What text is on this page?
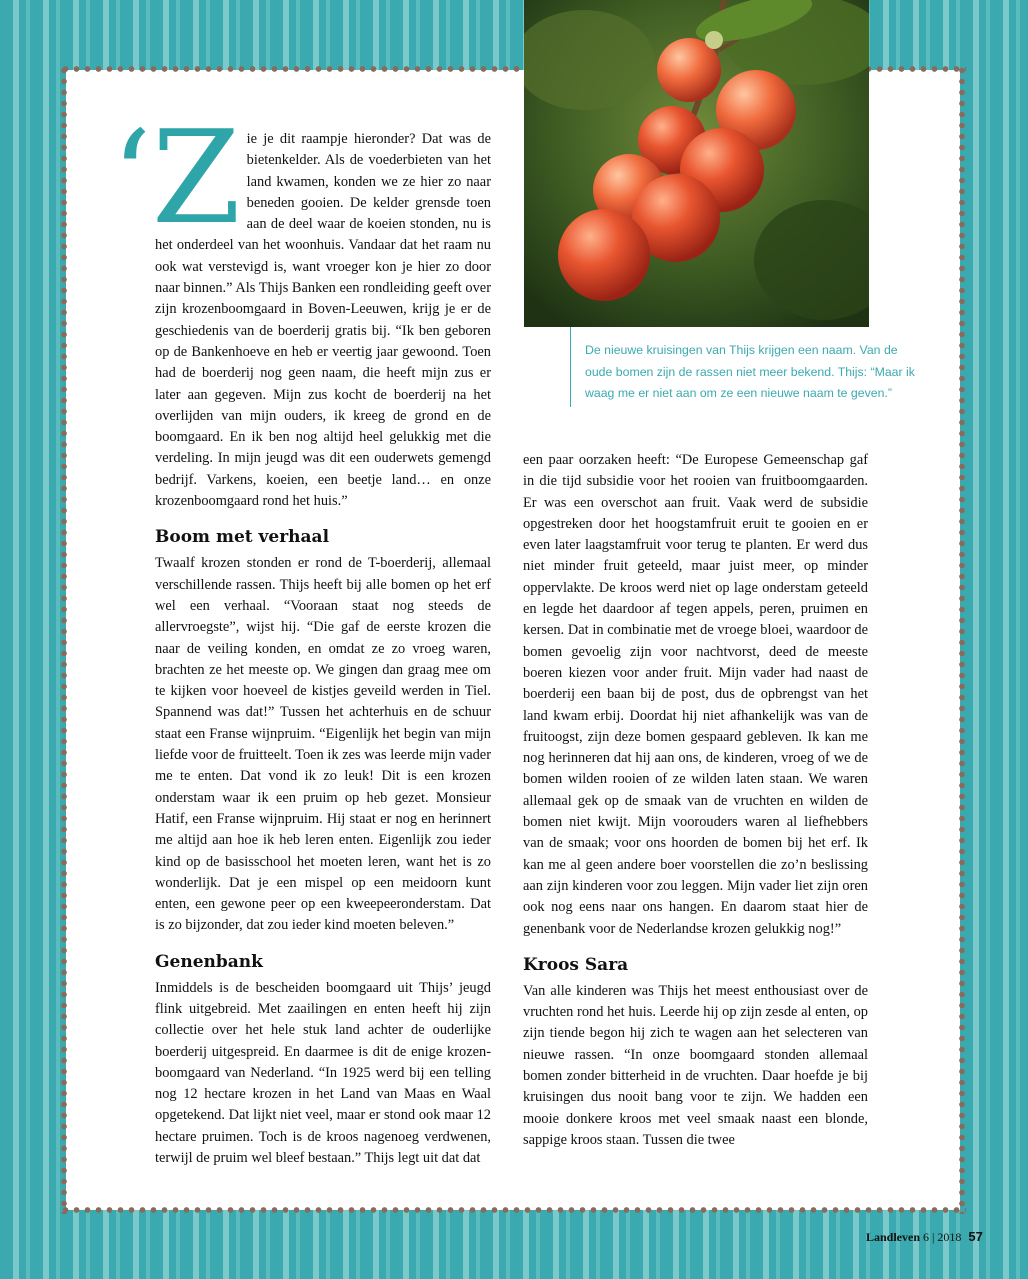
De nieuwe kruisingen van Thijs krijgen een naam. Van de oude bomen zijn de rassen niet meer bekend. Thijs: “Maar ik waag me er niet aan om ze een nieuwe naam te geven.”

‘Zie je dit raampje hieronder? Dat was de bietenkelder. Als de voederbieten van het land kwamen, konden we ze hier zo naar beneden gooien. De kelder grensde toen aan de deel waar de koeien stonden, nu is het onderdeel van het woonhuis. Vandaar dat het raam nu ook wat verstevigd is, want vroeger kon je hier zo door naar binnen.” Als Thijs Banken een rondleiding geeft over zijn krozenboomgaard in Boven-Leeuwen, krijg je er de geschiedenis van de boerderij gratis bij. “Ik ben geboren op de Bankenhoeve en heb er veertig jaar gewoond. Toen had de boerderij nog geen naam, die heeft mijn zus er later aan gegeven. Mijn zus kocht de boerderij na het overlijden van mijn ouders, ik kreeg de grond en de boomgaard. En ik ben nog altijd heel gelukkig met die verdeling. In mijn jeugd was dit een ouderwets gemengd bedrijf. Varkens, koeien, een beetje land… en onze krozenboomgaard rond het huis.”

Boom met verhaal

Twaalf krozen stonden er rond de T-boerderij, allemaal verschillende rassen. Thijs heeft bij alle bomen op het erf wel een verhaal. “Vooraan staat nog steeds de allervroegste”, wijst hij. “Die gaf de eerste krozen die naar de veiling konden, en omdat ze zo vroeg waren, brachten ze het meeste op. We gingen dan graag mee om te kijken voor hoeveel de kistjes geveild werden in Tiel. Spannend was dat!” Tussen het achterhuis en de schuur staat een Franse wijnpruim. “Eigenlijk het begin van mijn liefde voor de fruitteelt. Toen ik zes was leerde mijn vader me te enten. Dat vond ik zo leuk! Dit is een krozen onderstam waar ik een pruim op heb gezet. Monsieur Hatif, een Franse wijnpruim. Hij staat er nog en herinnert me altijd aan hoe ik heb leren enten. Eigenlijk zou ieder kind op de basisschool het moeten leren, want het is zo wonderlijk. Dat je een mispel op een meidoorn kunt enten, een gewone peer op een kweepeeronderstam. Dat is zo bijzonder, dat zou ieder kind moeten beleven.”

Genenbank

Inmiddels is de bescheiden boomgaard uit Thijs’ jeugd flink uitgebreid. Met zaailingen en enten heeft hij zijn collectie over het hele stuk land achter de ouderlijke boerderij uitgespreid. En daarmee is dit de enige krozenboomgaard van Nederland. “In 1925 werd bij een telling nog 12 hectare krozen in het Land van Maas en Waal opgetekend. Dat lijkt niet veel, maar er stond ook maar 12 hectare pruimen. Toch is de kroos nagenoeg verdwenen, terwijl de pruim wel bleef bestaan.” Thijs legt uit dat dat

een paar oorzaken heeft: “De Europese Gemeenschap gaf in die tijd subsidie voor het rooien van fruitboomgaarden. Er was een overschot aan fruit. Vaak werd de subsidie opgestreken door het hoogstamfruit eruit te gooien en er even later laagstamfruit voor terug te planten. Er werd dus niet minder fruit geteeld, maar juist meer, op minder oppervlakte. De kroos werd niet op lage onderstam geteeld en legde het daardoor af tegen appels, peren, pruimen en kersen. Dat in combinatie met de vroege bloei, waardoor de bomen gevoelig zijn voor nachtvorst, deed de meeste boeren kiezen voor ander fruit. Mijn vader had naast de boerderij een baan bij de post, dus de opbrengst van het land kwam erbij. Doordat hij niet afhankelijk was van de fruitoogst, zijn deze bomen gespaard gebleven. Ik kan me nog herinneren dat hij aan ons, de kinderen, vroeg of we de bomen wilden rooien of ze wilden laten staan. We waren allemaal gek op de smaak van de vruchten en wilden de bomen niet kwijt. Mijn voorouders waren al liefhebbers van de smaak; voor ons hoorden de bomen bij het erf. Ik kan me al geen andere boer voorstellen die zo’n beslissing aan zijn kinderen voor zou leggen. Mijn vader liet zijn oren ook nog eens naar ons hangen. En daarom staat hier de genenbank voor de Nederlandse krozen gelukkig nog!”

Kroos Sara

Van alle kinderen was Thijs het meest enthousiast over de vruchten rond het huis. Leerde hij op zijn zesde al enten, op zijn tiende begon hij zich te wagen aan het selecteren van nieuwe rassen. “In onze boomgaard stonden allemaal bomen zonder bitterheid in de vruchten. Daar hoefde je bij kruisingen dus nooit bang voor te zijn. We hadden een mooie donkere kroos met veel smaak naast een blonde, sappige kroos staan. Tussen die twee

Landleven 6 | 2018 57
